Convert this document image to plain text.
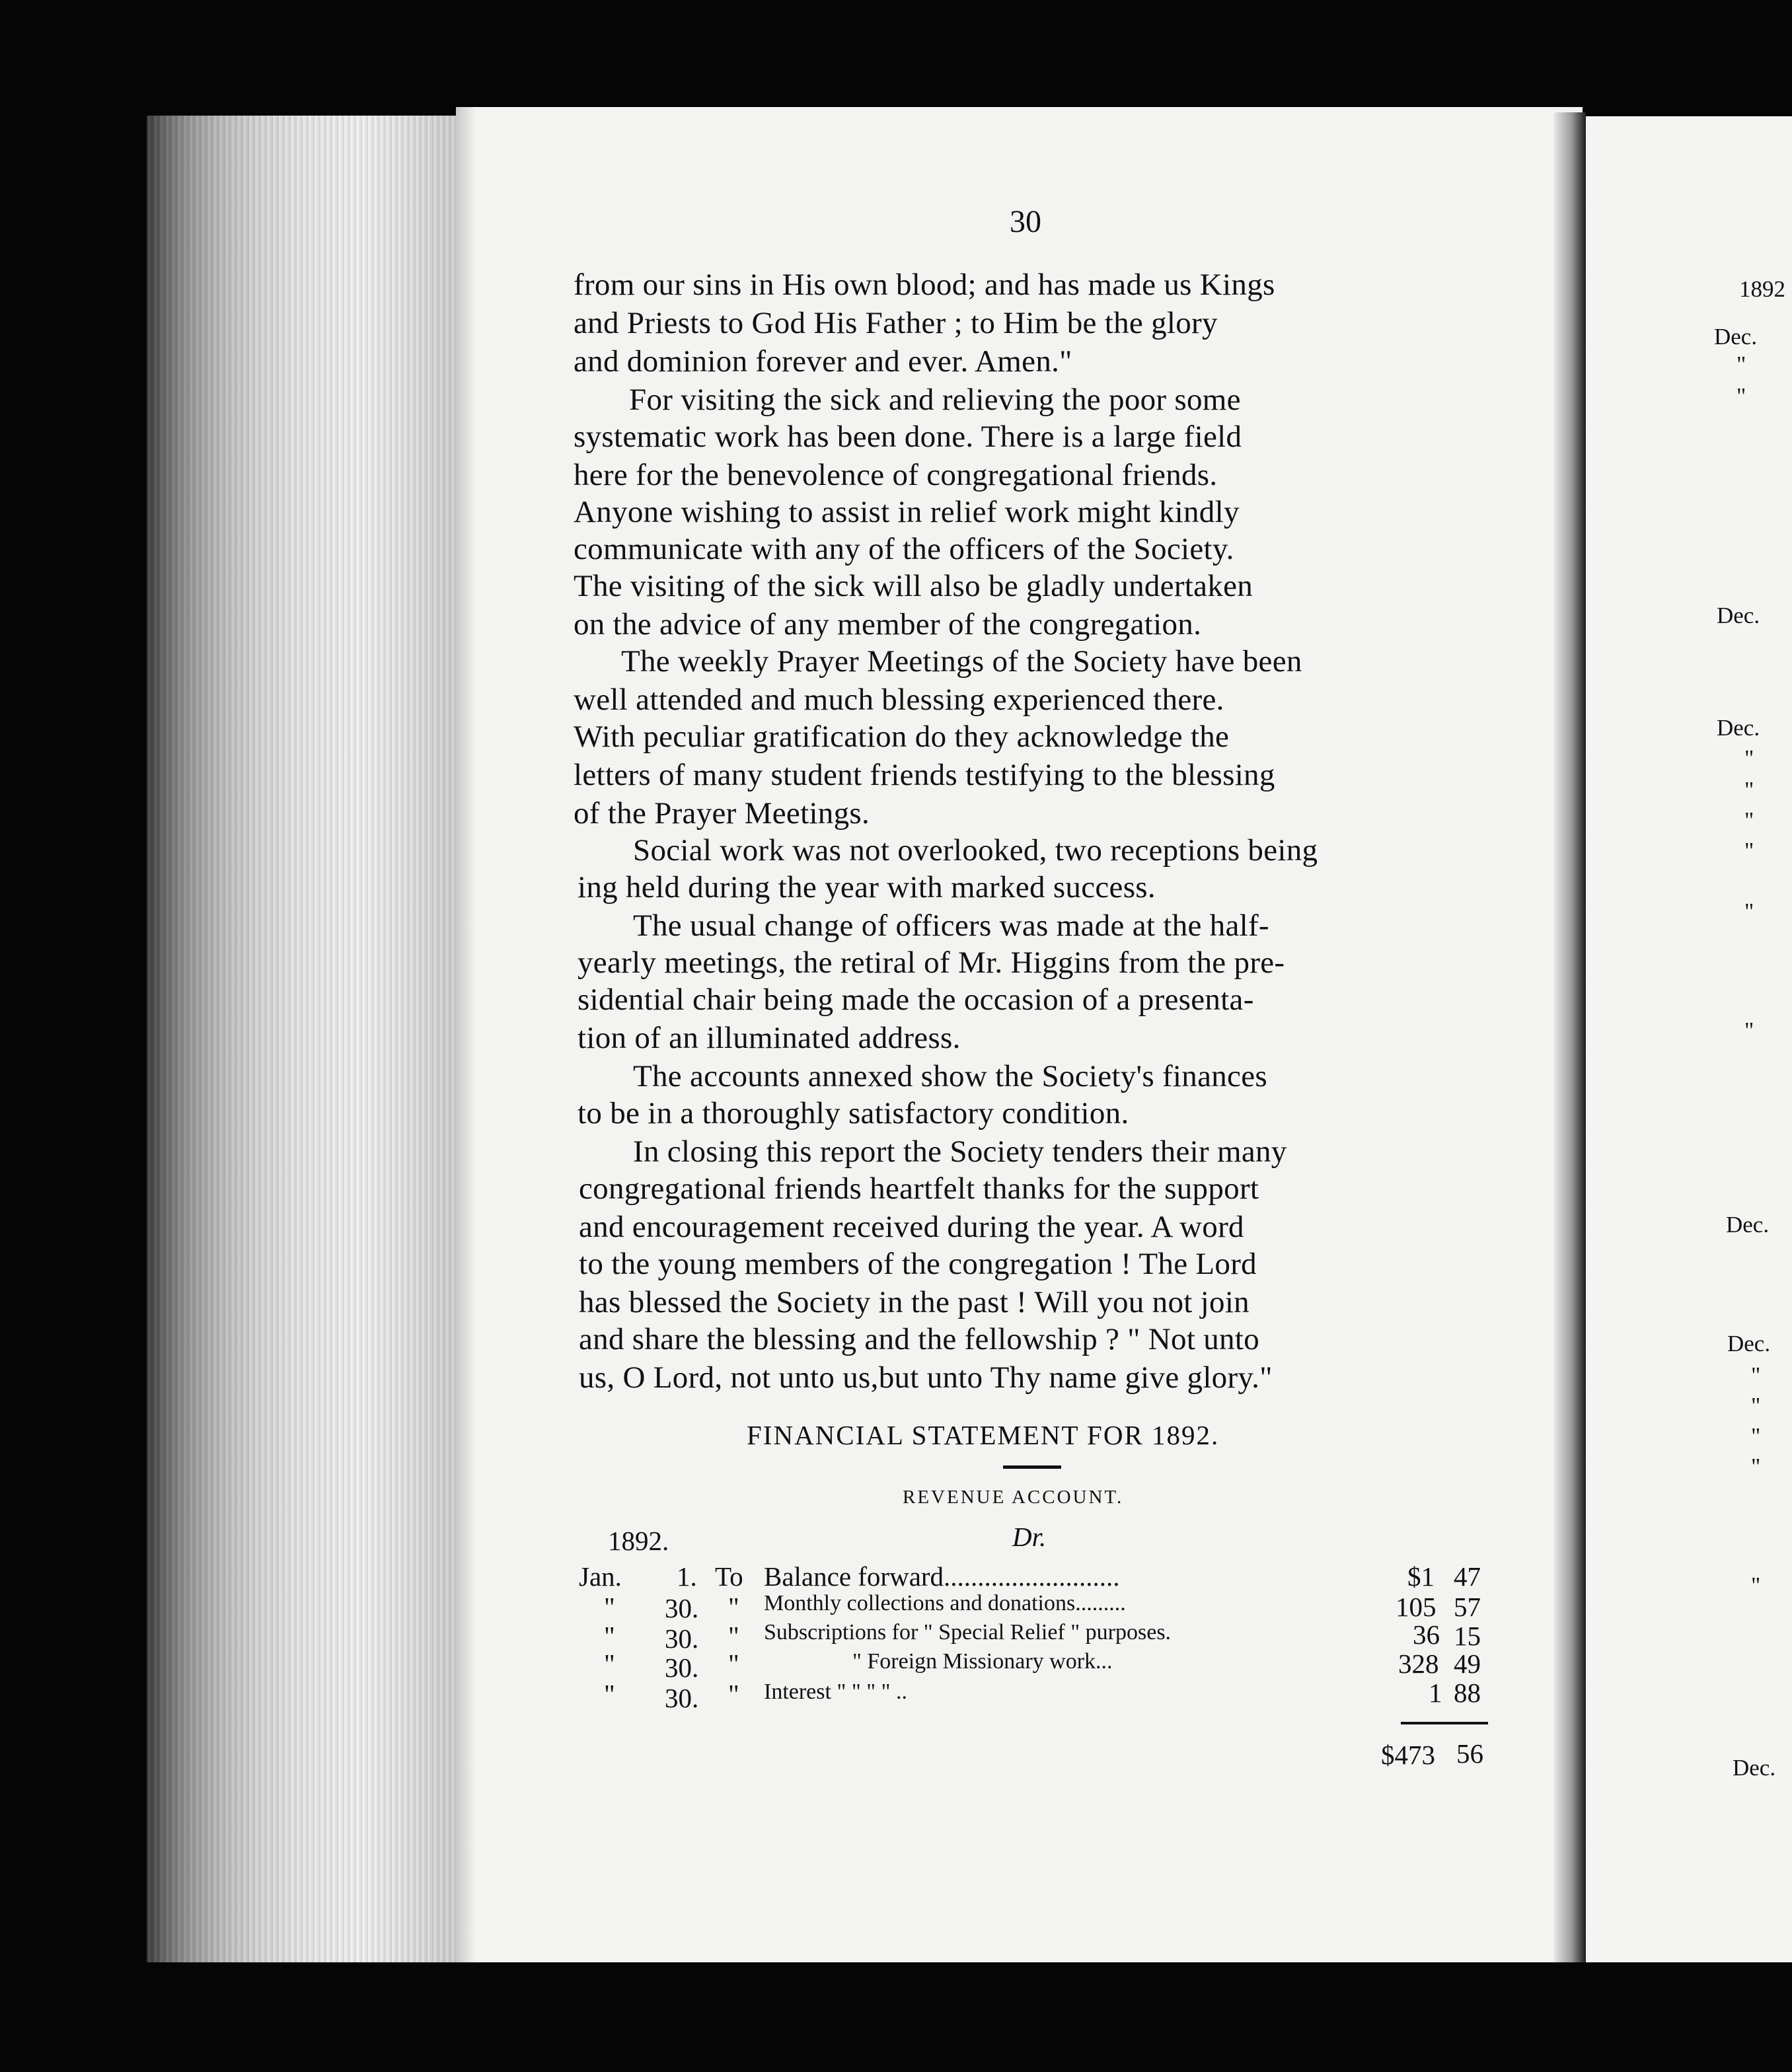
30
from our sins in His own blood; and has made us Kings
and Priests to God His Father ; to Him be the glory
and dominion forever and ever. Amen."
For visiting the sick and relieving the poor some
systematic work has been done. There is a large field
here for the benevolence of congregational friends.
Anyone wishing to assist in relief work might kindly
communicate with any of the officers of the Society.
The visiting of the sick will also be gladly undertaken
on the advice of any member of the congregation.
The weekly Prayer Meetings of the Society have been
well attended and much blessing experienced there.
With peculiar gratification do they acknowledge the
letters of many student friends testifying to the blessing
of the Prayer Meetings.
Social work was not overlooked, two receptions being
ing held during the year with marked success.
The usual change of officers was made at the half-
yearly meetings, the retiral of Mr. Higgins from the pre-
sidential chair being made the occasion of a presenta-
tion of an illuminated address.
The accounts annexed show the Society's finances
to be in a thoroughly satisfactory condition.
In closing this report the Society tenders their many
congregational friends heartfelt thanks for the support
and encouragement received during the year. A word
to the young members of the congregation ! The Lord
has blessed the Society in the past ! Will you not join
and share the blessing and the fellowship ? " Not unto
us, O Lord, not unto us,but unto Thy name give glory."
FINANCIAL STATEMENT FOR 1892.
REVENUE ACCOUNT.
1892.	Dr.
Jan. 1. To Balance forward..........................	$1 47
" 30. " Monthly collections and donations.........	105 57
" 30. " Subscriptions for " Special Relief " purposes.	36 15
" 30. "	" Foreign Missionary work...	328 49
" 30. " Interest " " " " ..	1 88
$473 56
1892
Dec.
"
"
Dec.
Dec.
"
"
"
"
"
"
Dec.
Dec.
"
"
"
"
"
Dec.
